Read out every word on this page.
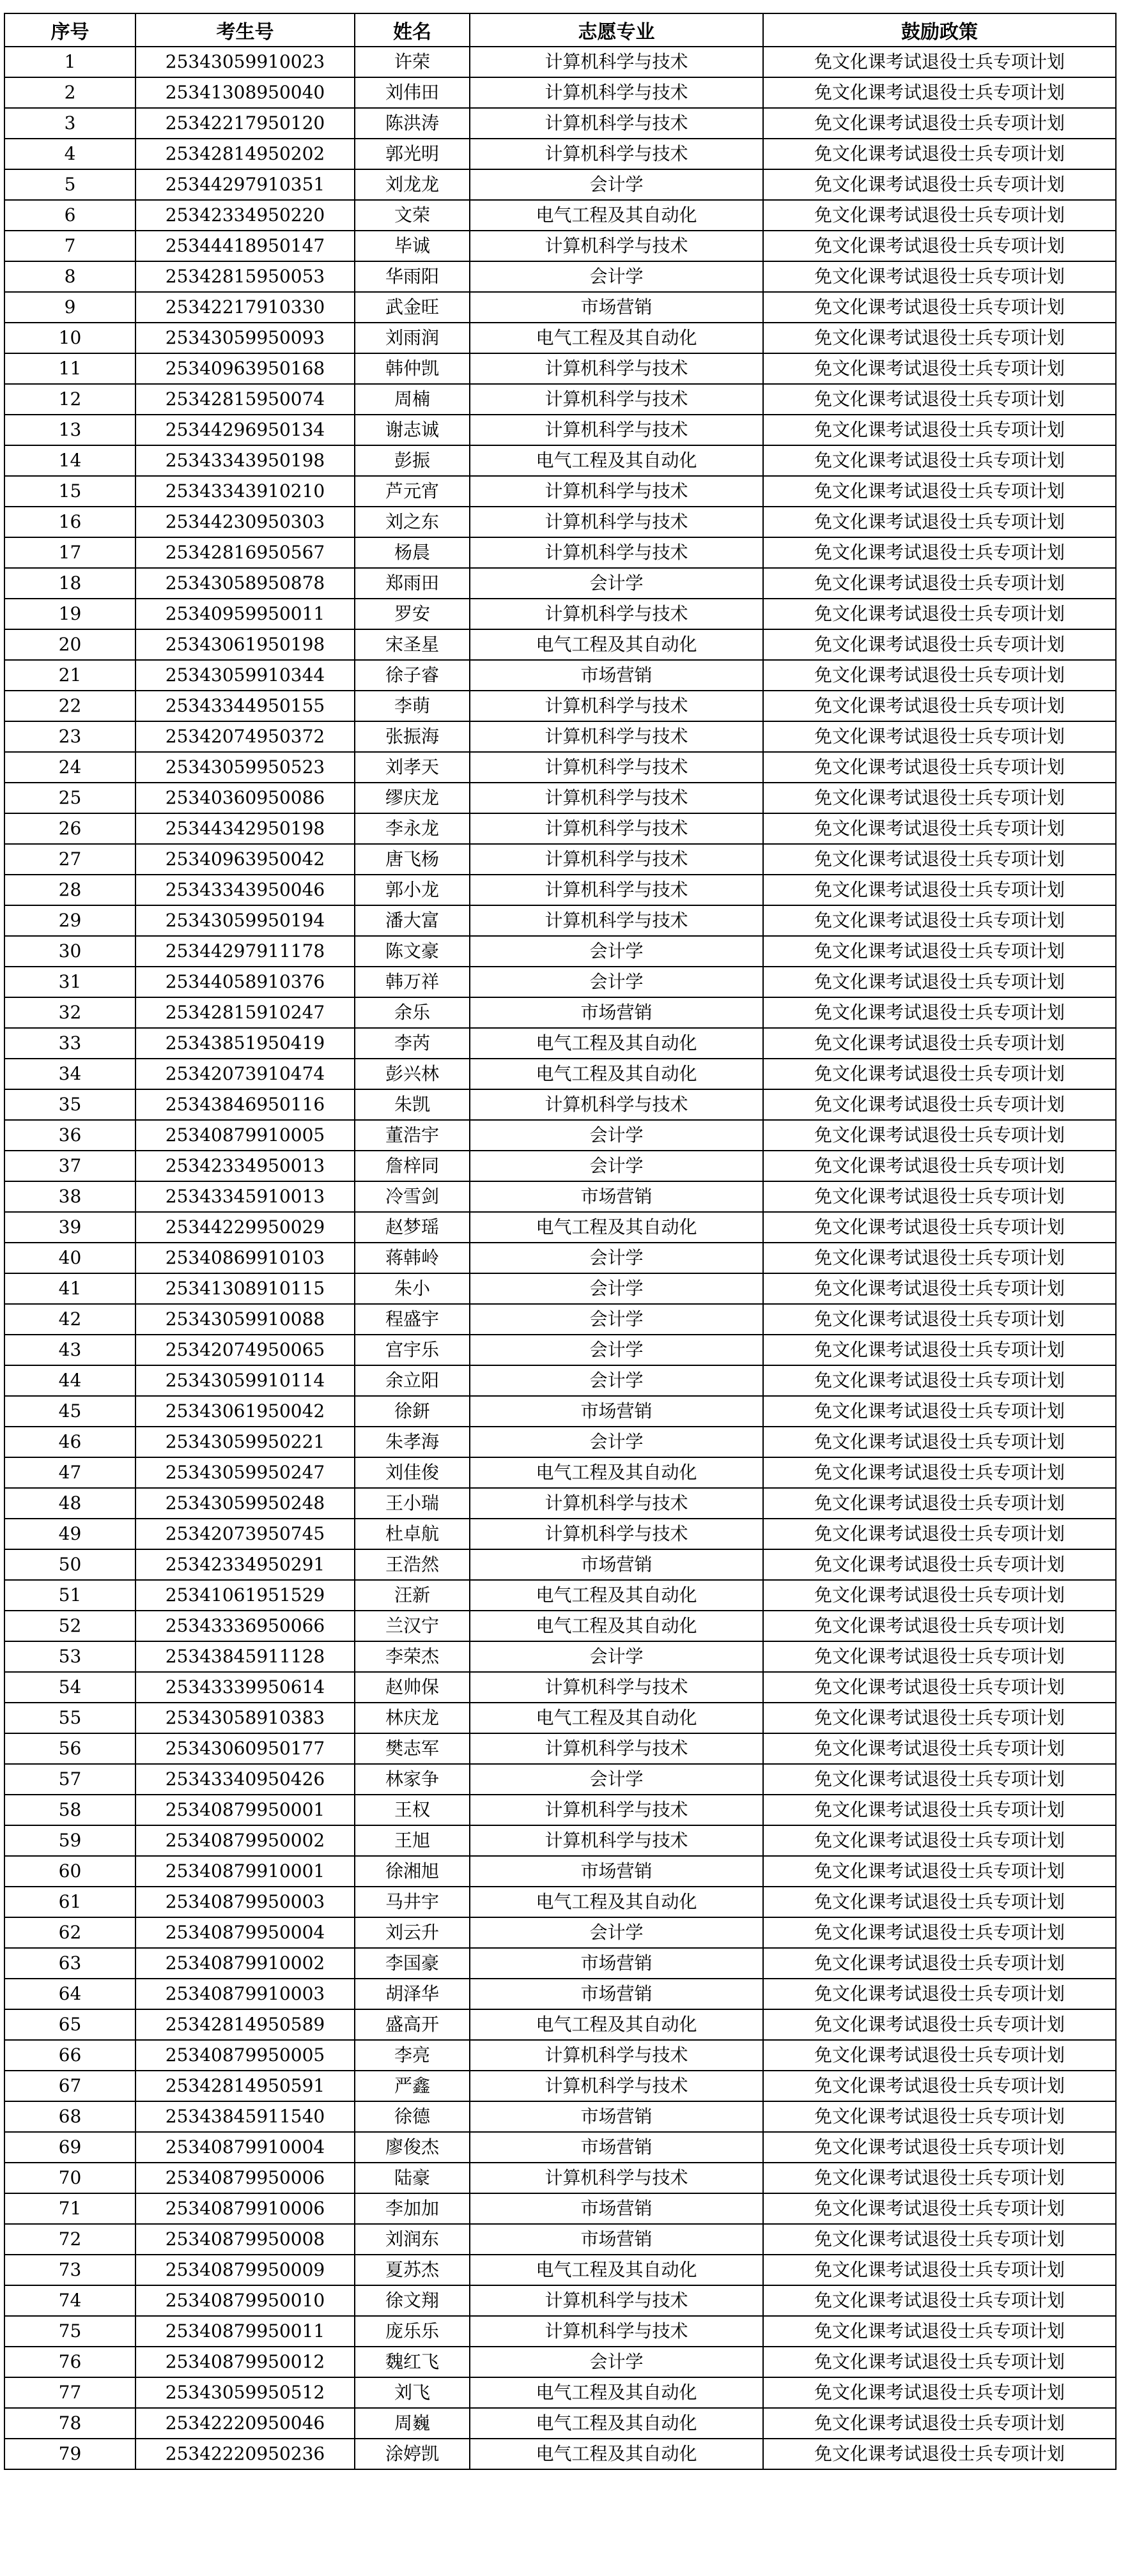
序号	考生号	姓名	志愿专业	鼓励政策
1	25343059910023	许荣	计算机科学与技术	免文化课考试退役士兵专项计划
2	25341308950040	刘伟田	计算机科学与技术	免文化课考试退役士兵专项计划
3	25342217950120	陈洪涛	计算机科学与技术	免文化课考试退役士兵专项计划
4	25342814950202	郭光明	计算机科学与技术	免文化课考试退役士兵专项计划
5	25344297910351	刘龙龙	会计学	免文化课考试退役士兵专项计划
6	25342334950220	文荣	电气工程及其自动化	免文化课考试退役士兵专项计划
7	25344418950147	毕诚	计算机科学与技术	免文化课考试退役士兵专项计划
8	25342815950053	华雨阳	会计学	免文化课考试退役士兵专项计划
9	25342217910330	武金旺	市场营销	免文化课考试退役士兵专项计划
10	25343059950093	刘雨润	电气工程及其自动化	免文化课考试退役士兵专项计划
11	25340963950168	韩仲凯	计算机科学与技术	免文化课考试退役士兵专项计划
12	25342815950074	周楠	计算机科学与技术	免文化课考试退役士兵专项计划
13	25344296950134	谢志诚	计算机科学与技术	免文化课考试退役士兵专项计划
14	25343343950198	彭振	电气工程及其自动化	免文化课考试退役士兵专项计划
15	25343343910210	芦元宵	计算机科学与技术	免文化课考试退役士兵专项计划
16	25344230950303	刘之东	计算机科学与技术	免文化课考试退役士兵专项计划
17	25342816950567	杨晨	计算机科学与技术	免文化课考试退役士兵专项计划
18	25343058950878	郑雨田	会计学	免文化课考试退役士兵专项计划
19	25340959950011	罗安	计算机科学与技术	免文化课考试退役士兵专项计划
20	25343061950198	宋圣星	电气工程及其自动化	免文化课考试退役士兵专项计划
21	25343059910344	徐子睿	市场营销	免文化课考试退役士兵专项计划
22	25343344950155	李萌	计算机科学与技术	免文化课考试退役士兵专项计划
23	25342074950372	张振海	计算机科学与技术	免文化课考试退役士兵专项计划
24	25343059950523	刘孝天	计算机科学与技术	免文化课考试退役士兵专项计划
25	25340360950086	缪庆龙	计算机科学与技术	免文化课考试退役士兵专项计划
26	25344342950198	李永龙	计算机科学与技术	免文化课考试退役士兵专项计划
27	25340963950042	唐飞杨	计算机科学与技术	免文化课考试退役士兵专项计划
28	25343343950046	郭小龙	计算机科学与技术	免文化课考试退役士兵专项计划
29	25343059950194	潘大富	计算机科学与技术	免文化课考试退役士兵专项计划
30	25344297911178	陈文豪	会计学	免文化课考试退役士兵专项计划
31	25344058910376	韩万祥	会计学	免文化课考试退役士兵专项计划
32	25342815910247	余乐	市场营销	免文化课考试退役士兵专项计划
33	25343851950419	李芮	电气工程及其自动化	免文化课考试退役士兵专项计划
34	25342073910474	彭兴林	电气工程及其自动化	免文化课考试退役士兵专项计划
35	25343846950116	朱凯	计算机科学与技术	免文化课考试退役士兵专项计划
36	25340879910005	董浩宇	会计学	免文化课考试退役士兵专项计划
37	25342334950013	詹梓同	会计学	免文化课考试退役士兵专项计划
38	25343345910013	冷雪剑	市场营销	免文化课考试退役士兵专项计划
39	25344229950029	赵梦瑶	电气工程及其自动化	免文化课考试退役士兵专项计划
40	25340869910103	蒋韩岭	会计学	免文化课考试退役士兵专项计划
41	25341308910115	朱小	会计学	免文化课考试退役士兵专项计划
42	25343059910088	程盛宇	会计学	免文化课考试退役士兵专项计划
43	25342074950065	宫宇乐	会计学	免文化课考试退役士兵专项计划
44	25343059910114	余立阳	会计学	免文化课考试退役士兵专项计划
45	25343061950042	徐鈃	市场营销	免文化课考试退役士兵专项计划
46	25343059950221	朱孝海	会计学	免文化课考试退役士兵专项计划
47	25343059950247	刘佳俊	电气工程及其自动化	免文化课考试退役士兵专项计划
48	25343059950248	王小瑞	计算机科学与技术	免文化课考试退役士兵专项计划
49	25342073950745	杜卓航	计算机科学与技术	免文化课考试退役士兵专项计划
50	25342334950291	王浩然	市场营销	免文化课考试退役士兵专项计划
51	25341061951529	汪新	电气工程及其自动化	免文化课考试退役士兵专项计划
52	25343336950066	兰汉宁	电气工程及其自动化	免文化课考试退役士兵专项计划
53	25343845911128	李荣杰	会计学	免文化课考试退役士兵专项计划
54	25343339950614	赵帅保	计算机科学与技术	免文化课考试退役士兵专项计划
55	25343058910383	林庆龙	电气工程及其自动化	免文化课考试退役士兵专项计划
56	25343060950177	樊志军	计算机科学与技术	免文化课考试退役士兵专项计划
57	25343340950426	林家争	会计学	免文化课考试退役士兵专项计划
58	25340879950001	王权	计算机科学与技术	免文化课考试退役士兵专项计划
59	25340879950002	王旭	计算机科学与技术	免文化课考试退役士兵专项计划
60	25340879910001	徐湘旭	市场营销	免文化课考试退役士兵专项计划
61	25340879950003	马井宇	电气工程及其自动化	免文化课考试退役士兵专项计划
62	25340879950004	刘云升	会计学	免文化课考试退役士兵专项计划
63	25340879910002	李国豪	市场营销	免文化课考试退役士兵专项计划
64	25340879910003	胡泽华	市场营销	免文化课考试退役士兵专项计划
65	25342814950589	盛高开	电气工程及其自动化	免文化课考试退役士兵专项计划
66	25340879950005	李亮	计算机科学与技术	免文化课考试退役士兵专项计划
67	25342814950591	严鑫	计算机科学与技术	免文化课考试退役士兵专项计划
68	25343845911540	徐德	市场营销	免文化课考试退役士兵专项计划
69	25340879910004	廖俊杰	市场营销	免文化课考试退役士兵专项计划
70	25340879950006	陆豪	计算机科学与技术	免文化课考试退役士兵专项计划
71	25340879910006	李加加	市场营销	免文化课考试退役士兵专项计划
72	25340879950008	刘润东	市场营销	免文化课考试退役士兵专项计划
73	25340879950009	夏苏杰	电气工程及其自动化	免文化课考试退役士兵专项计划
74	25340879950010	徐文翔	计算机科学与技术	免文化课考试退役士兵专项计划
75	25340879950011	庞乐乐	计算机科学与技术	免文化课考试退役士兵专项计划
76	25340879950012	魏红飞	会计学	免文化课考试退役士兵专项计划
77	25343059950512	刘飞	电气工程及其自动化	免文化课考试退役士兵专项计划
78	25342220950046	周巍	电气工程及其自动化	免文化课考试退役士兵专项计划
79	25342220950236	涂婷凯	电气工程及其自动化	免文化课考试退役士兵专项计划
